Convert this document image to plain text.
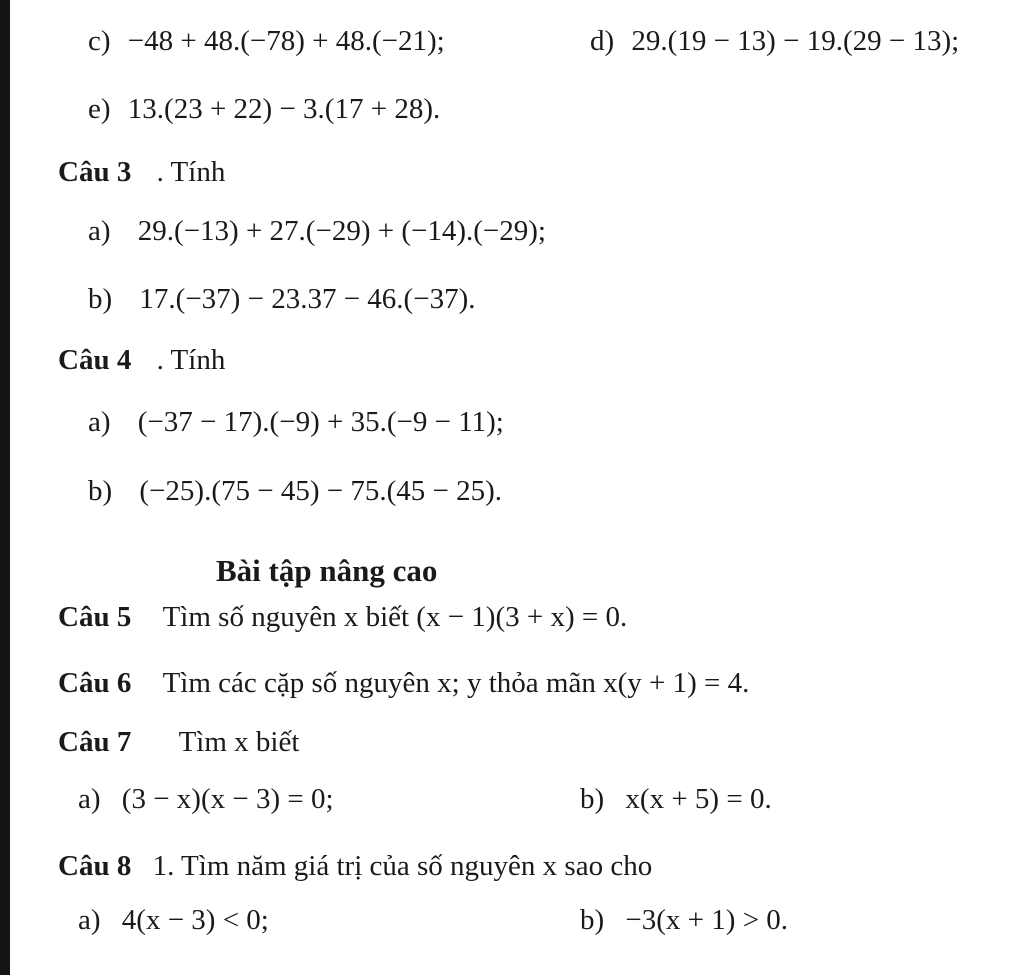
c) −48 + 48.(−78) + 48.(−21);	d) 29.(19 − 13) − 19.(29 − 13);
e) 13.(23 + 22) − 3.(17 + 28).
Câu 3 . Tính
a) 29.(−13) + 27.(−29) + (−14).(−29);
b) 17.(−37) − 23.37 − 46.(−37).
Câu 4 . Tính
a) (−37 − 17).(−9) + 35.(−9 − 11);
b) (−25).(75 − 45) − 75.(45 − 25).
Bài tập nâng cao
Câu 5 Tìm số nguyên x biết (x − 1)(3 + x) = 0.
Câu 6 Tìm các cặp số nguyên x; y thỏa mãn x(y + 1) = 4.
Câu 7 Tìm x biết
a) (3 − x)(x − 3) = 0;	b) x(x + 5) = 0.
Câu 8 1. Tìm năm giá trị của số nguyên x sao cho
a) 4(x − 3) < 0;	b) −3(x + 1) > 0.
